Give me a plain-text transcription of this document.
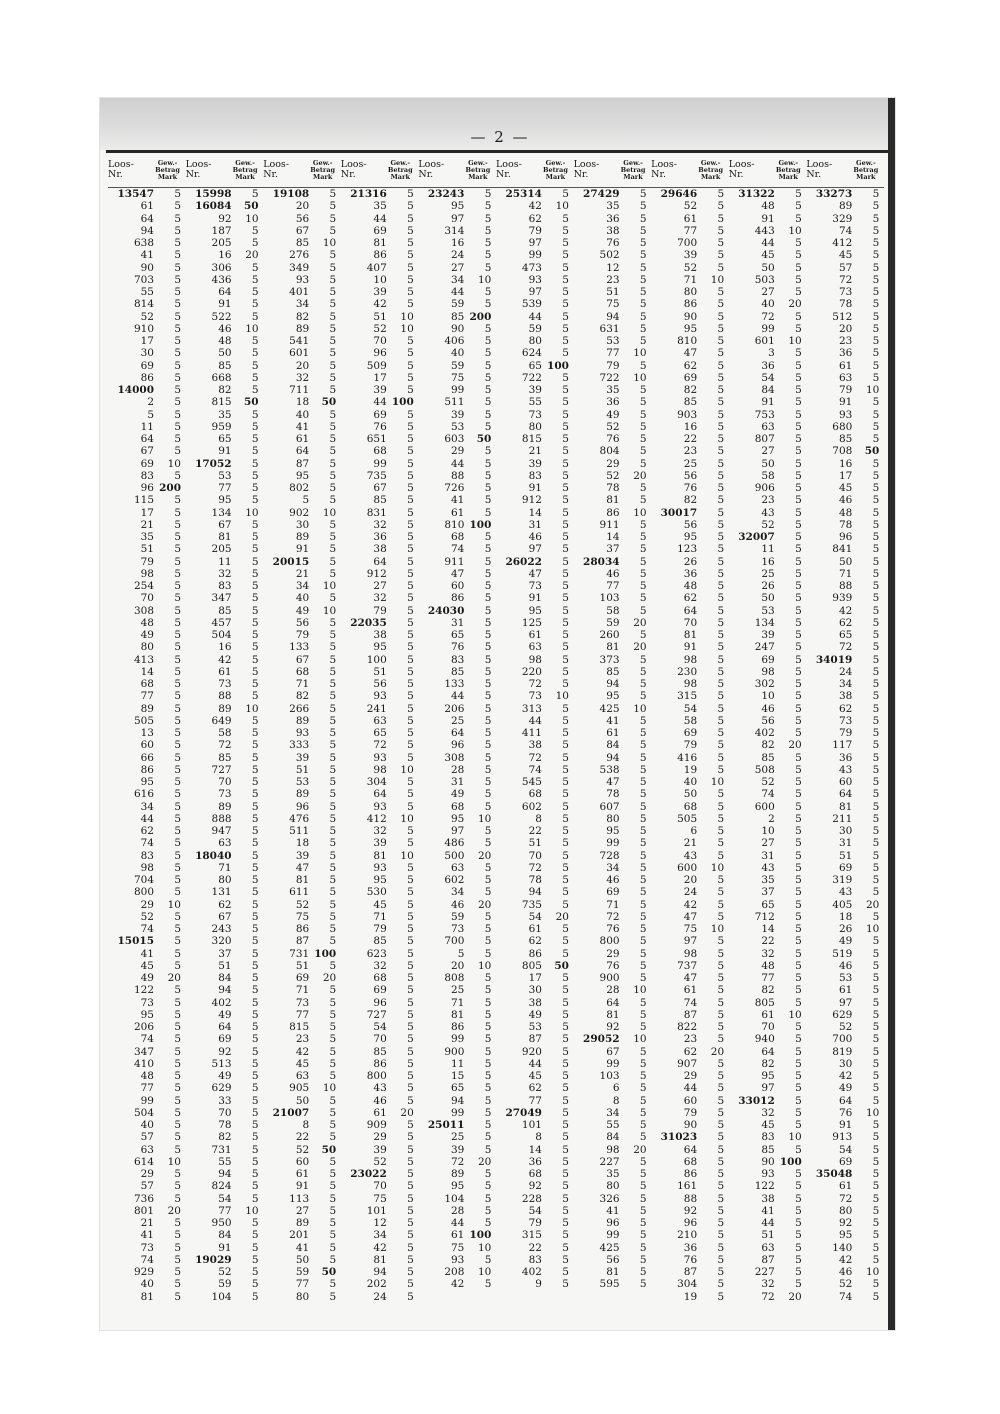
— 2 —
Loos-
Nr.
Gew.-
Betrag
Mark
13547	5
61	5
64	5
94	5
638	5
41	5
90	5
703	5
55	5
814	5
52	5
910	5
17	5
30	5
69	5
86	5
14000	5
2	5
5	5
11	5
64	5
67	5
69	10
83	5
96 200
115	5
17	5
21	5
35	5
51	5
79	5
98	5
254	5
70	5
308	5
48	5
49	5
80	5
413	5
14	5
68	5
77	5
89	5
505	5
13	5
60	5
66	5
86	5
95	5
616	5
34	5
44	5
62	5
74	5
83	5
98	5
704	5
800	5
29	10
52	5
74	5
15015	5
41	5
45	5
49	20
122	5
73	5
95	5
206	5
74	5
347	5
410	5
48	5
77	5
99	5
504	5
40	5
57	5
63	5
614	10
29	5
57	5
736	5
801	20
21	5
41	5
73	5
74	5
929	5
40	5
81	5
Loos-
Nr.
Gew.-
Betrag
Mark
15998	5
16084	50
92	10
187	5
205	5
16	20
306	5
436	5
64	5
91	5
522	5
46	10
48	5
50	5
85	5
668	5
82	5
815	50
35	5
959	5
65	5
91	5
17052	5
53	5
77	5
95	5
134	10
67	5
81	5
205	5
11	5
32	5
83	5
347	5
85	5
457	5
504	5
16	5
42	5
61	5
73	5
88	5
89	10
649	5
58	5
72	5
85	5
727	5
70	5
73	5
89	5
888	5
947	5
63	5
18040	5
71	5
80	5
131	5
62	5
67	5
243	5
320	5
37	5
51	5
84	5
94	5
402	5
49	5
64	5
69	5
92	5
513	5
49	5
629	5
33	5
70	5
78	5
82	5
731	5
55	5
94	5
824	5
54	5
77	10
950	5
84	5
91	5
19029	5
52	5
59	5
104	5
Loos-
Nr.
Gew.-
Betrag
Mark
19108	5
20	5
56	5
67	5
85	10
276	5
349	5
93	5
401	5
34	5
82	5
89	5
541	5
601	5
20	5
32	5
711	5
18	50
40	5
41	5
61	5
64	5
87	5
95	5
802	5
5	5
902	10
30	5
89	5
91	5
20015	5
21	5
34	10
40	5
49	10
56	5
79	5
133	5
67	5
68	5
71	5
82	5
266	5
89	5
93	5
333	5
39	5
51	5
53	5
89	5
96	5
476	5
511	5
18	5
39	5
47	5
81	5
611	5
52	5
75	5
86	5
87	5
731 100
51	5
69	20
71	5
73	5
77	5
815	5
23	5
42	5
45	5
63	5
905	10
50	5
21007	5
8	5
22	5
52	50
60	5
61	5
91	5
113	5
27	5
89	5
201	5
41	5
50	5
59	50
77	5
80	5
Loos-
Nr.
Gew.-
Betrag
Mark
21316	5
35	5
44	5
69	5
81	5
86	5
407	5
10	5
39	5
42	5
51	10
52	10
70	5
96	5
509	5
17	5
39	5
44 100
69	5
76	5
651	5
68	5
99	5
735	5
67	5
85	5
831	5
32	5
36	5
38	5
64	5
912	5
27	5
32	5
79	5
22035	5
38	5
95	5
100	5
51	5
56	5
93	5
241	5
63	5
65	5
72	5
93	5
98	10
304	5
64	5
93	5
412	10
32	5
39	5
81	10
93	5
95	5
530	5
45	5
71	5
79	5
85	5
623	5
32	5
68	5
69	5
96	5
727	5
54	5
70	5
85	5
86	5
800	5
43	5
46	5
61	20
909	5
29	5
39	5
52	5
23022	5
70	5
75	5
101	5
12	5
34	5
42	5
81	5
94	5
202	5
24	5
Loos-
Nr.
Gew.-
Betrag
Mark
23243	5
95	5
97	5
314	5
16	5
24	5
27	5
34	10
44	5
59	5
85 200
90	5
406	5
40	5
59	5
75	5
99	5
511	5
39	5
53	5
603	50
29	5
44	5
88	5
726	5
41	5
61	5
810 100
68	5
74	5
911	5
47	5
60	5
86	5
24030	5
31	5
65	5
76	5
83	5
85	5
133	5
44	5
206	5
25	5
64	5
96	5
308	5
28	5
31	5
49	5
68	5
95	10
97	5
486	5
500	20
63	5
602	5
34	5
46	20
59	5
73	5
700	5
5	5
20	10
808	5
25	5
71	5
81	5
86	5
99	5
900	5
11	5
15	5
65	5
94	5
99	5
25011	5
25	5
39	5
72	20
89	5
95	5
104	5
28	5
44	5
61 100
75	10
93	5
208	10
42	5
Loos-
Nr.
Gew.-
Betrag
Mark
25314	5
42	10
62	5
79	5
97	5
99	5
473	5
93	5
97	5
539	5
44	5
59	5
80	5
624	5
65 100
722	5
39	5
55	5
73	5
80	5
815	5
21	5
39	5
83	5
91	5
912	5
14	5
31	5
46	5
97	5
26022	5
47	5
73	5
91	5
95	5
125	5
61	5
63	5
98	5
220	5
72	5
73	10
313	5
44	5
411	5
38	5
72	5
74	5
545	5
68	5
602	5
8	5
22	5
51	5
70	5
72	5
78	5
94	5
735	5
54	20
61	5
62	5
86	5
805	50
17	5
30	5
38	5
49	5
53	5
87	5
920	5
44	5
45	5
62	5
77	5
27049	5
101	5
8	5
14	5
36	5
68	5
92	5
228	5
54	5
79	5
315	5
22	5
83	5
402	5
9	5
Loos-
Nr.
Gew.-
Betrag
Mark
27429	5
35	5
36	5
38	5
76	5
502	5
12	5
23	5
51	5
75	5
94	5
631	5
53	5
77	10
79	5
722	10
35	5
36	5
49	5
52	5
76	5
804	5
29	5
52	20
78	5
81	5
86	10
911	5
14	5
37	5
28034	5
46	5
77	5
103	5
58	5
59	20
260	5
81	20
373	5
85	5
94	5
95	5
425	10
41	5
61	5
84	5
94	5
538	5
47	5
78	5
607	5
80	5
95	5
99	5
728	5
34	5
46	5
69	5
71	5
72	5
76	5
800	5
29	5
76	5
900	5
28	10
64	5
81	5
92	5
29052	10
67	5
99	5
103	5
6	5
8	5
34	5
55	5
84	5
98	20
227	5
35	5
80	5
326	5
41	5
96	5
99	5
425	5
56	5
81	5
595	5
Loos-
Nr.
Gew.-
Betrag
Mark
29646	5
52	5
61	5
77	5
700	5
39	5
52	5
71	10
80	5
86	5
90	5
95	5
810	5
47	5
62	5
69	5
82	5
85	5
903	5
16	5
22	5
23	5
25	5
56	5
76	5
82	5
30017	5
56	5
95	5
123	5
26	5
36	5
48	5
62	5
64	5
70	5
81	5
91	5
98	5
230	5
98	5
315	5
54	5
58	5
69	5
79	5
416	5
19	5
40	10
50	5
68	5
505	5
6	5
21	5
43	5
600	10
20	5
24	5
42	5
47	5
75	10
97	5
98	5
737	5
47	5
61	5
74	5
87	5
822	5
23	5
62	20
907	5
29	5
44	5
60	5
79	5
90	5
31023	5
64	5
68	5
86	5
161	5
88	5
92	5
96	5
210	5
36	5
76	5
87	5
304	5
19	5
Loos-
Nr.
Gew.-
Betrag
Mark
31322	5
48	5
91	5
443	10
44	5
45	5
50	5
503	5
27	5
40	20
72	5
99	5
601	10
3	5
36	5
54	5
84	5
91	5
753	5
63	5
807	5
27	5
50	5
58	5
906	5
23	5
43	5
52	5
32007	5
11	5
16	5
25	5
26	5
50	5
53	5
134	5
39	5
247	5
69	5
98	5
302	5
10	5
46	5
56	5
402	5
82	20
85	5
508	5
52	5
74	5
600	5
2	5
10	5
27	5
31	5
43	5
35	5
37	5
65	5
712	5
14	5
22	5
32	5
48	5
77	5
82	5
805	5
61	10
70	5
940	5
64	5
82	5
95	5
97	5
33012	5
32	5
45	5
83	10
85	5
90 100
93	5
122	5
38	5
41	5
44	5
51	5
63	5
87	5
227	5
32	5
72	20
Loos-
Nr.
Gew.-
Betrag
Mark
33273	5
89	5
329	5
74	5
412	5
45	5
57	5
72	5
73	5
78	5
512	5
20	5
23	5
36	5
61	5
63	5
79	10
91	5
93	5
680	5
85	5
708	50
16	5
17	5
45	5
46	5
48	5
78	5
96	5
841	5
50	5
71	5
88	5
939	5
42	5
62	5
65	5
72	5
34019	5
24	5
34	5
38	5
62	5
73	5
79	5
117	5
36	5
43	5
60	5
64	5
81	5
211	5
30	5
31	5
51	5
69	5
319	5
43	5
405	20
18	5
26	10
49	5
519	5
46	5
53	5
61	5
97	5
629	5
52	5
700	5
819	5
30	5
42	5
49	5
64	5
76	10
91	5
913	5
54	5
69	5
35048	5
61	5
72	5
80	5
92	5
95	5
140	5
42	5
46	10
52	5
74	5
